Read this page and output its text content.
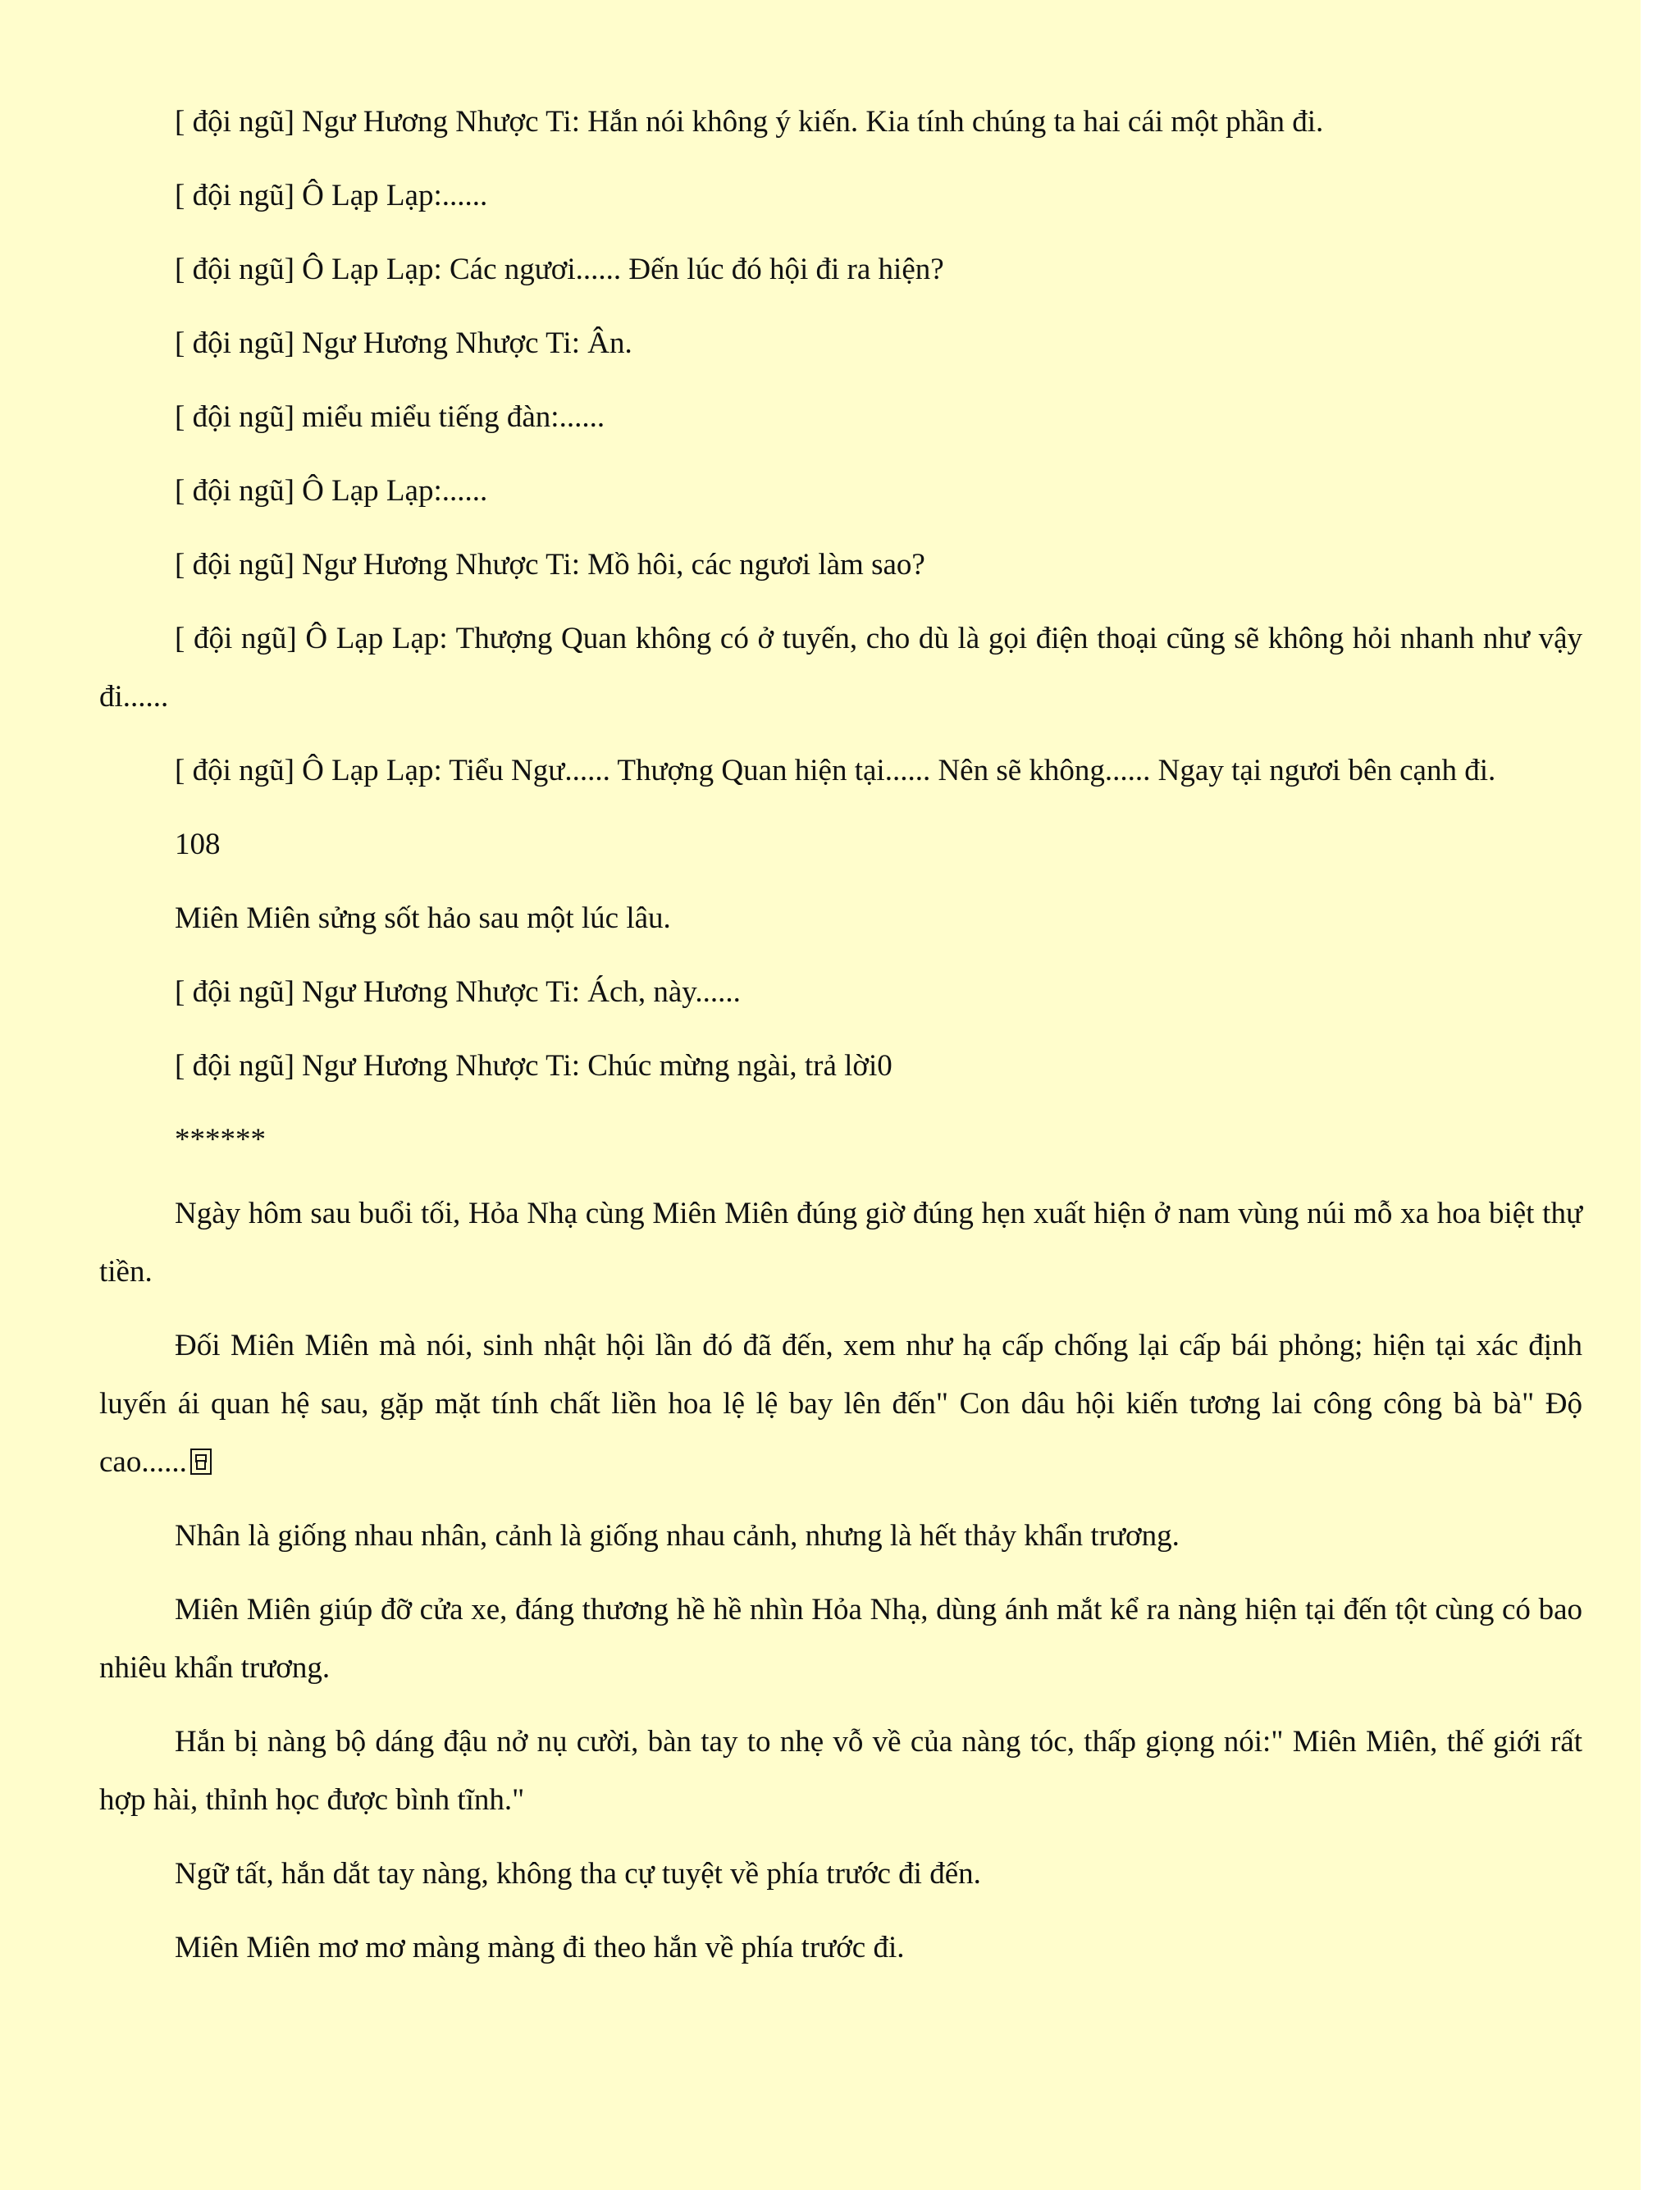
[ đội ngũ] Ngư Hương Nhược Ti: Hắn nói không ý kiến. Kia tính chúng ta hai cái một phần đi.

[ đội ngũ] Ô Lạp Lạp:......

[ đội ngũ] Ô Lạp Lạp: Các ngươi...... Đến lúc đó hội đi ra hiện?

[ đội ngũ] Ngư Hương Nhược Ti: Ân.

[ đội ngũ] miểu miểu tiếng đàn:......

[ đội ngũ] Ô Lạp Lạp:......

[ đội ngũ] Ngư Hương Nhược Ti: Mồ hôi, các ngươi làm sao?

[ đội ngũ] Ô Lạp Lạp: Thượng Quan không có ở tuyến, cho dù là gọi điện thoại cũng sẽ không hỏi nhanh như vậy đi......

[ đội ngũ] Ô Lạp Lạp: Tiểu Ngư...... Thượng Quan hiện tại...... Nên sẽ không...... Ngay tại ngươi bên cạnh đi.

108

Miên Miên sửng sốt hảo sau một lúc lâu.

[ đội ngũ] Ngư Hương Nhược Ti: Ách, này......

[ đội ngũ] Ngư Hương Nhược Ti: Chúc mừng ngài, trả lời0

******

Ngày hôm sau buổi tối, Hỏa Nhạ cùng Miên Miên đúng giờ đúng hẹn xuất hiện ở nam vùng núi mỗ xa hoa biệt thự tiền.

Đối Miên Miên mà nói, sinh nhật hội lần đó đã đến, xem như hạ cấp chống lại cấp bái phỏng; hiện tại xác định luyến ái quan hệ sau, gặp mặt tính chất liền hoa lệ lệ bay lên đến" Con dâu hội kiến tương lai công công bà bà" Độ cao......

Nhân là giống nhau nhân, cảnh là giống nhau cảnh, nhưng là hết thảy khẩn trương.

Miên Miên giúp đỡ cửa xe, đáng thương hề hề nhìn Hỏa Nhạ, dùng ánh mắt kể ra nàng hiện tại đến tột cùng có bao nhiêu khẩn trương.

Hắn bị nàng bộ dáng đậu nở nụ cười, bàn tay to nhẹ vỗ về của nàng tóc, thấp giọng nói:" Miên Miên, thế giới rất hợp hài, thỉnh học được bình tĩnh."

Ngữ tất, hắn dắt tay nàng, không tha cự tuyệt về phía trước đi đến.

Miên Miên mơ mơ màng màng đi theo hắn về phía trước đi.
